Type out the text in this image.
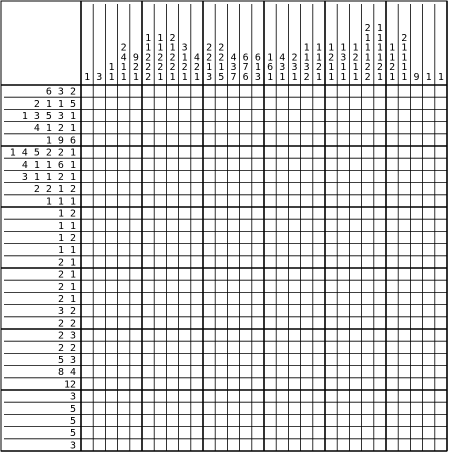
1 3
1
1
2
4
1
1
9
2
1
1
1
2
2
2
1
1
2
2
1
2
1
2
2
1
3
1
2
1
4
2
1
2
2
1
3
2
2
1
5
4
3
7
6
7
6
6
1
3
1
6
1
4
3
1
2
3
1
1
1
3
2
1
1
2
1
1
2
1
1
1
3
1
1
1
2
1
1
2
1
1
1
2
2
1
1
1
1
2
1
1
1
2
1
2
1
1
1
1 9 1 1
6 3 2
2 1 1 5
1 3 5 3 1
4 1 2 1
1 9 6
1 4 5 2 2 1
4 1 1 6 1
3 1 1 2 1
2 2 1 2
1 1 1
1 2
1 1
1 2
1 1
2 1
2 1
2 1
2 1
3 2
2 2
2 3
2 2
5 3
8 4
12
3
5
5
5
3
